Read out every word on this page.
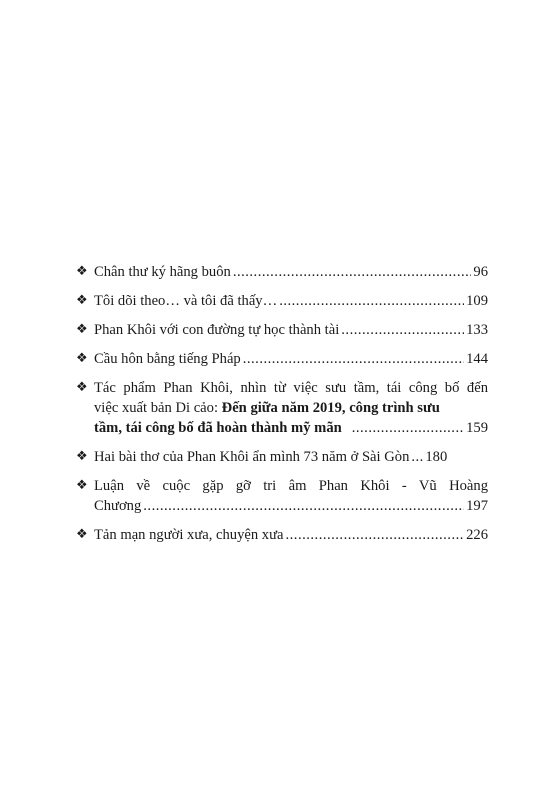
❖ Chân thư ký hãng buôn .....	96
❖ Tôi dõi theo… và tôi đã thấy… .....	109
❖ Phan Khôi với con đường tự học thành tài .....	133
❖ Cầu hôn bằng tiếng Pháp .....	144
❖ Tác phẩm Phan Khôi, nhìn từ việc sưu tầm, tái công bố đến
việc xuất bản Di cảo: Đến giữa năm 2019, công trình sưu
tầm, tái công bố đã hoàn thành mỹ mãn .....	159
❖ Hai bài thơ của Phan Khôi ẩn mình 73 năm ở Sài Gòn ..... 180
❖ Luận về cuộc gặp gỡ tri âm Phan Khôi - Vũ Hoàng
Chương .....	197
❖ Tản mạn người xưa, chuyện xưa .....	226
